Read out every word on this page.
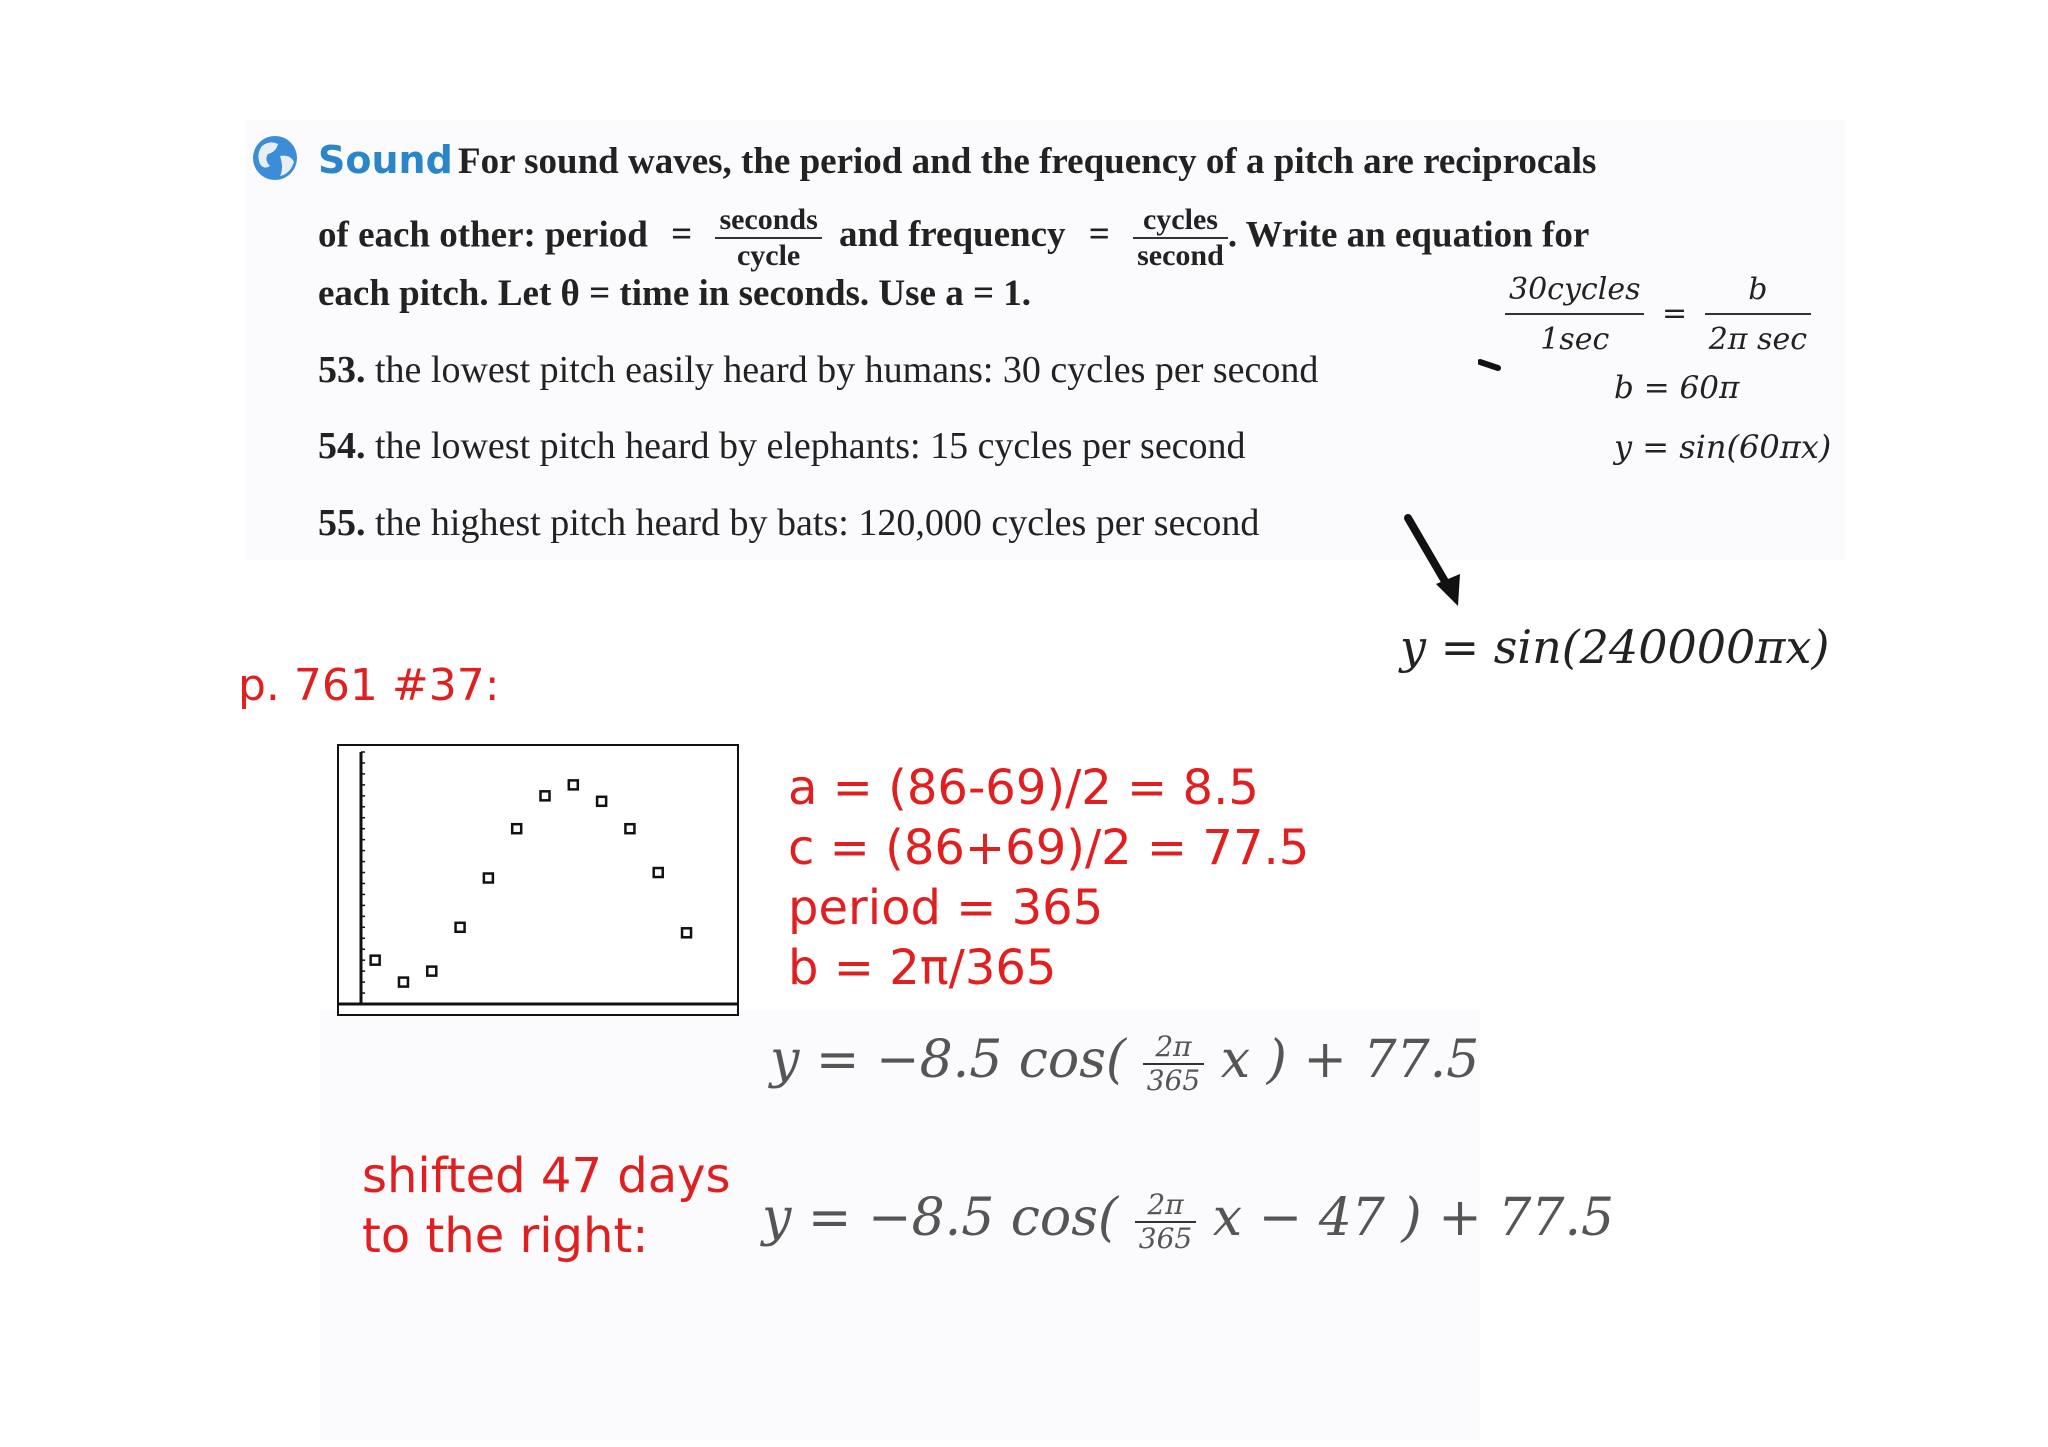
Sound For sound waves, the period and the frequency of a pitch are reciprocals
of each other: period = $\frac{\text{seconds}}{\text{cycle}}$ and frequency = $\frac{\text{cycles}}{\text{second}}$ . Write an equation for
each pitch. Let θ = time in seconds. Use a = 1.
53. the lowest pitch easily heard by humans: 30 cycles per second
54. the lowest pitch heard by elephants: 15 cycles per second
55. the highest pitch heard by bats: 120,000 cycles per second
$\frac{\text{30cycles}}{1\sec} = \frac{b}{\text{2π sec}}$
b = 60π
y = sin(60πx)
y = sin(240000πx)
p. 761 #37:
a = (86-69)/2 = 8.5
c = (86+69)/2 = 77.5
period = 365
b = 2π/365
y = −8.5 $\cos( \frac{2\pi}{365}$ x ) + 77.5
shifted 47 days
to the right: y = −8.5 $\cos( \frac{2\pi}{365}$ x − 47 ) + 77.5
